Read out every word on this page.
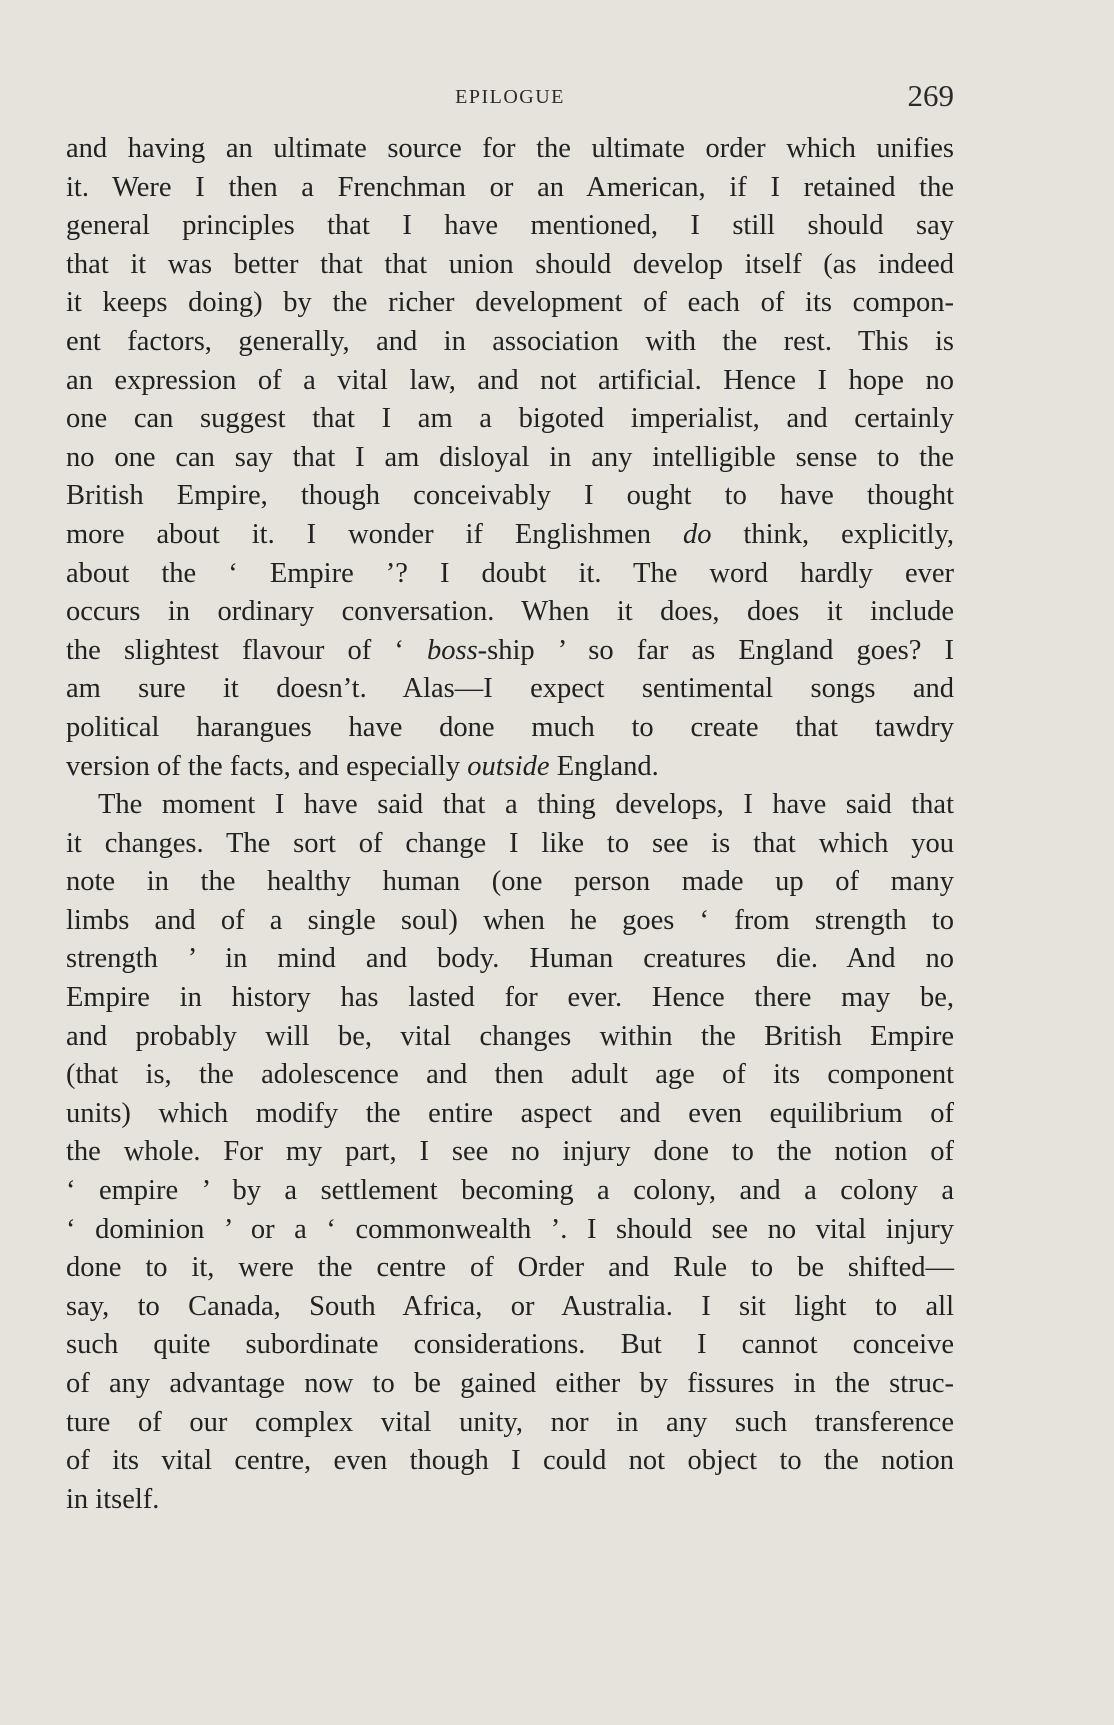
EPILOGUE	269
and having an ultimate source for the ultimate order which unifies
it. Were I then a Frenchman or an American, if I retained the
general principles that I have mentioned, I still should say
that it was better that that union should develop itself (as indeed
it keeps doing) by the richer development of each of its compon-
ent factors, generally, and in association with the rest. This is
an expression of a vital law, and not artificial. Hence I hope no
one can suggest that I am a bigoted imperialist, and certainly
no one can say that I am disloyal in any intelligible sense to the
British Empire, though conceivably I ought to have thought
more about it. I wonder if Englishmen do think, explicitly,
about the ‘ Empire ’? I doubt it. The word hardly ever
occurs in ordinary conversation. When it does, does it include
the slightest flavour of ‘ boss-ship ’ so far as England goes? I
am sure it doesn’t. Alas—I expect sentimental songs and
political harangues have done much to create that tawdry
version of the facts, and especially outside England.
The moment I have said that a thing develops, I have said that
it changes. The sort of change I like to see is that which you
note in the healthy human (one person made up of many
limbs and of a single soul) when he goes ‘ from strength to
strength ’ in mind and body. Human creatures die. And no
Empire in history has lasted for ever. Hence there may be,
and probably will be, vital changes within the British Empire
(that is, the adolescence and then adult age of its component
units) which modify the entire aspect and even equilibrium of
the whole. For my part, I see no injury done to the notion of
‘ empire ’ by a settlement becoming a colony, and a colony a
‘ dominion ’ or a ‘ commonwealth ’. I should see no vital injury
done to it, were the centre of Order and Rule to be shifted—
say, to Canada, South Africa, or Australia. I sit light to all
such quite subordinate considerations. But I cannot conceive
of any advantage now to be gained either by fissures in the struc-
ture of our complex vital unity, nor in any such transference
of its vital centre, even though I could not object to the notion
in itself.
